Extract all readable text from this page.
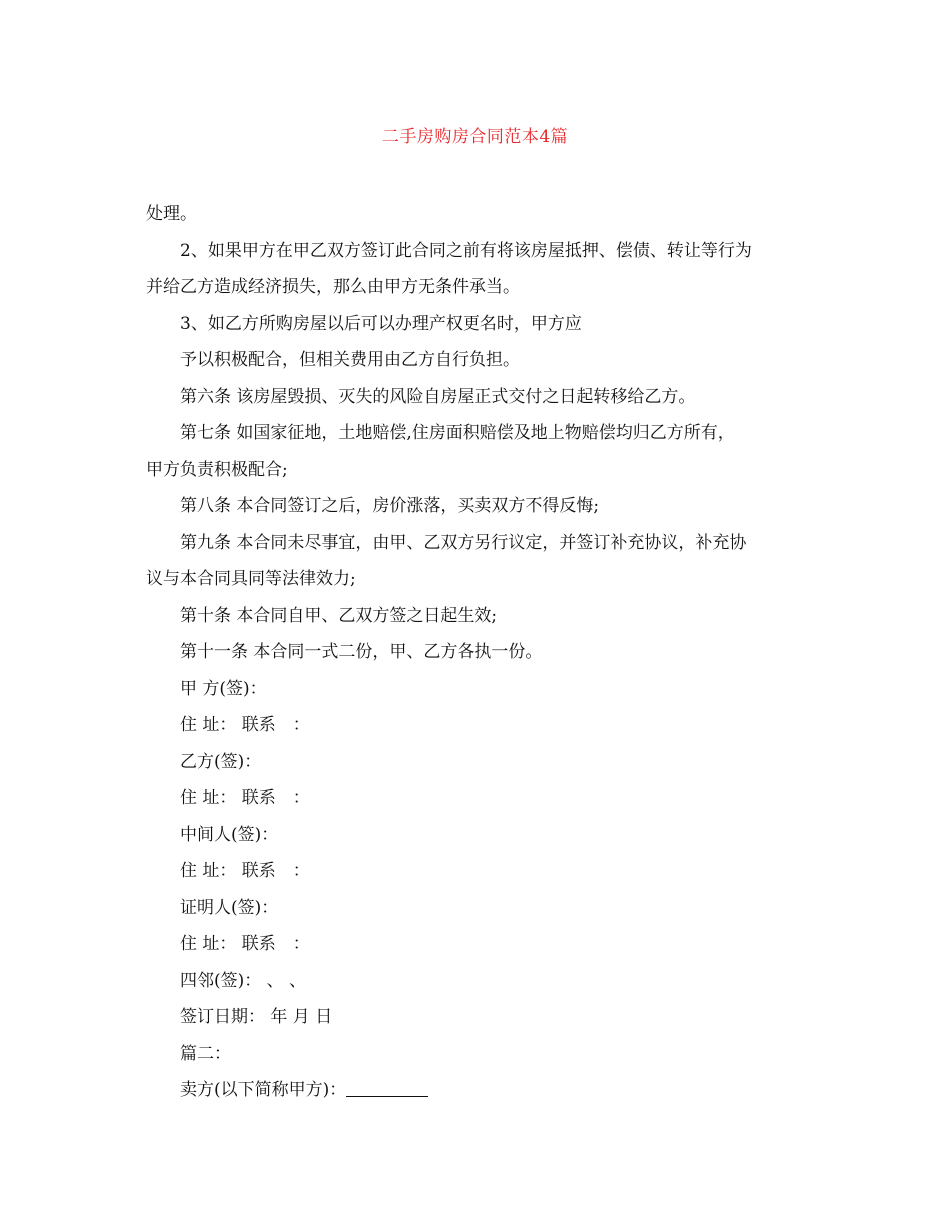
二手房购房合同范本4篇

处理。

2、如果甲方在甲乙双方签订此合同之前有将该房屋抵押、偿债、转让等行为

并给乙方造成经济损失，那么由甲方无条件承当。

3、如乙方所购房屋以后可以办理产权更名时，甲方应

予以积极配合，但相关费用由乙方自行负担。

第六条 该房屋毁损、灭失的风险自房屋正式交付之日起转移给乙方。

第七条 如国家征地，土地赔偿,住房面积赔偿及地上物赔偿均归乙方所有，

甲方负责积极配合;

第八条 本合同签订之后，房价涨落，买卖双方不得反悔;

第九条 本合同未尽事宜，由甲、乙双方另行议定，并签订补充协议，补充协

议与本合同具同等法律效力;

第十条 本合同自甲、乙双方签之日起生效;

第十一条 本合同一式二份，甲、乙方各执一份。

甲 方(签)：

住 址： 联系　：

乙方(签)：

住 址： 联系　：

中间人(签)：

住 址： 联系　：

证明人(签)：

住 址： 联系　：

四邻(签)： 、 、

签订日期： 年 月 日

篇二：

卖方(以下简称甲方)：
